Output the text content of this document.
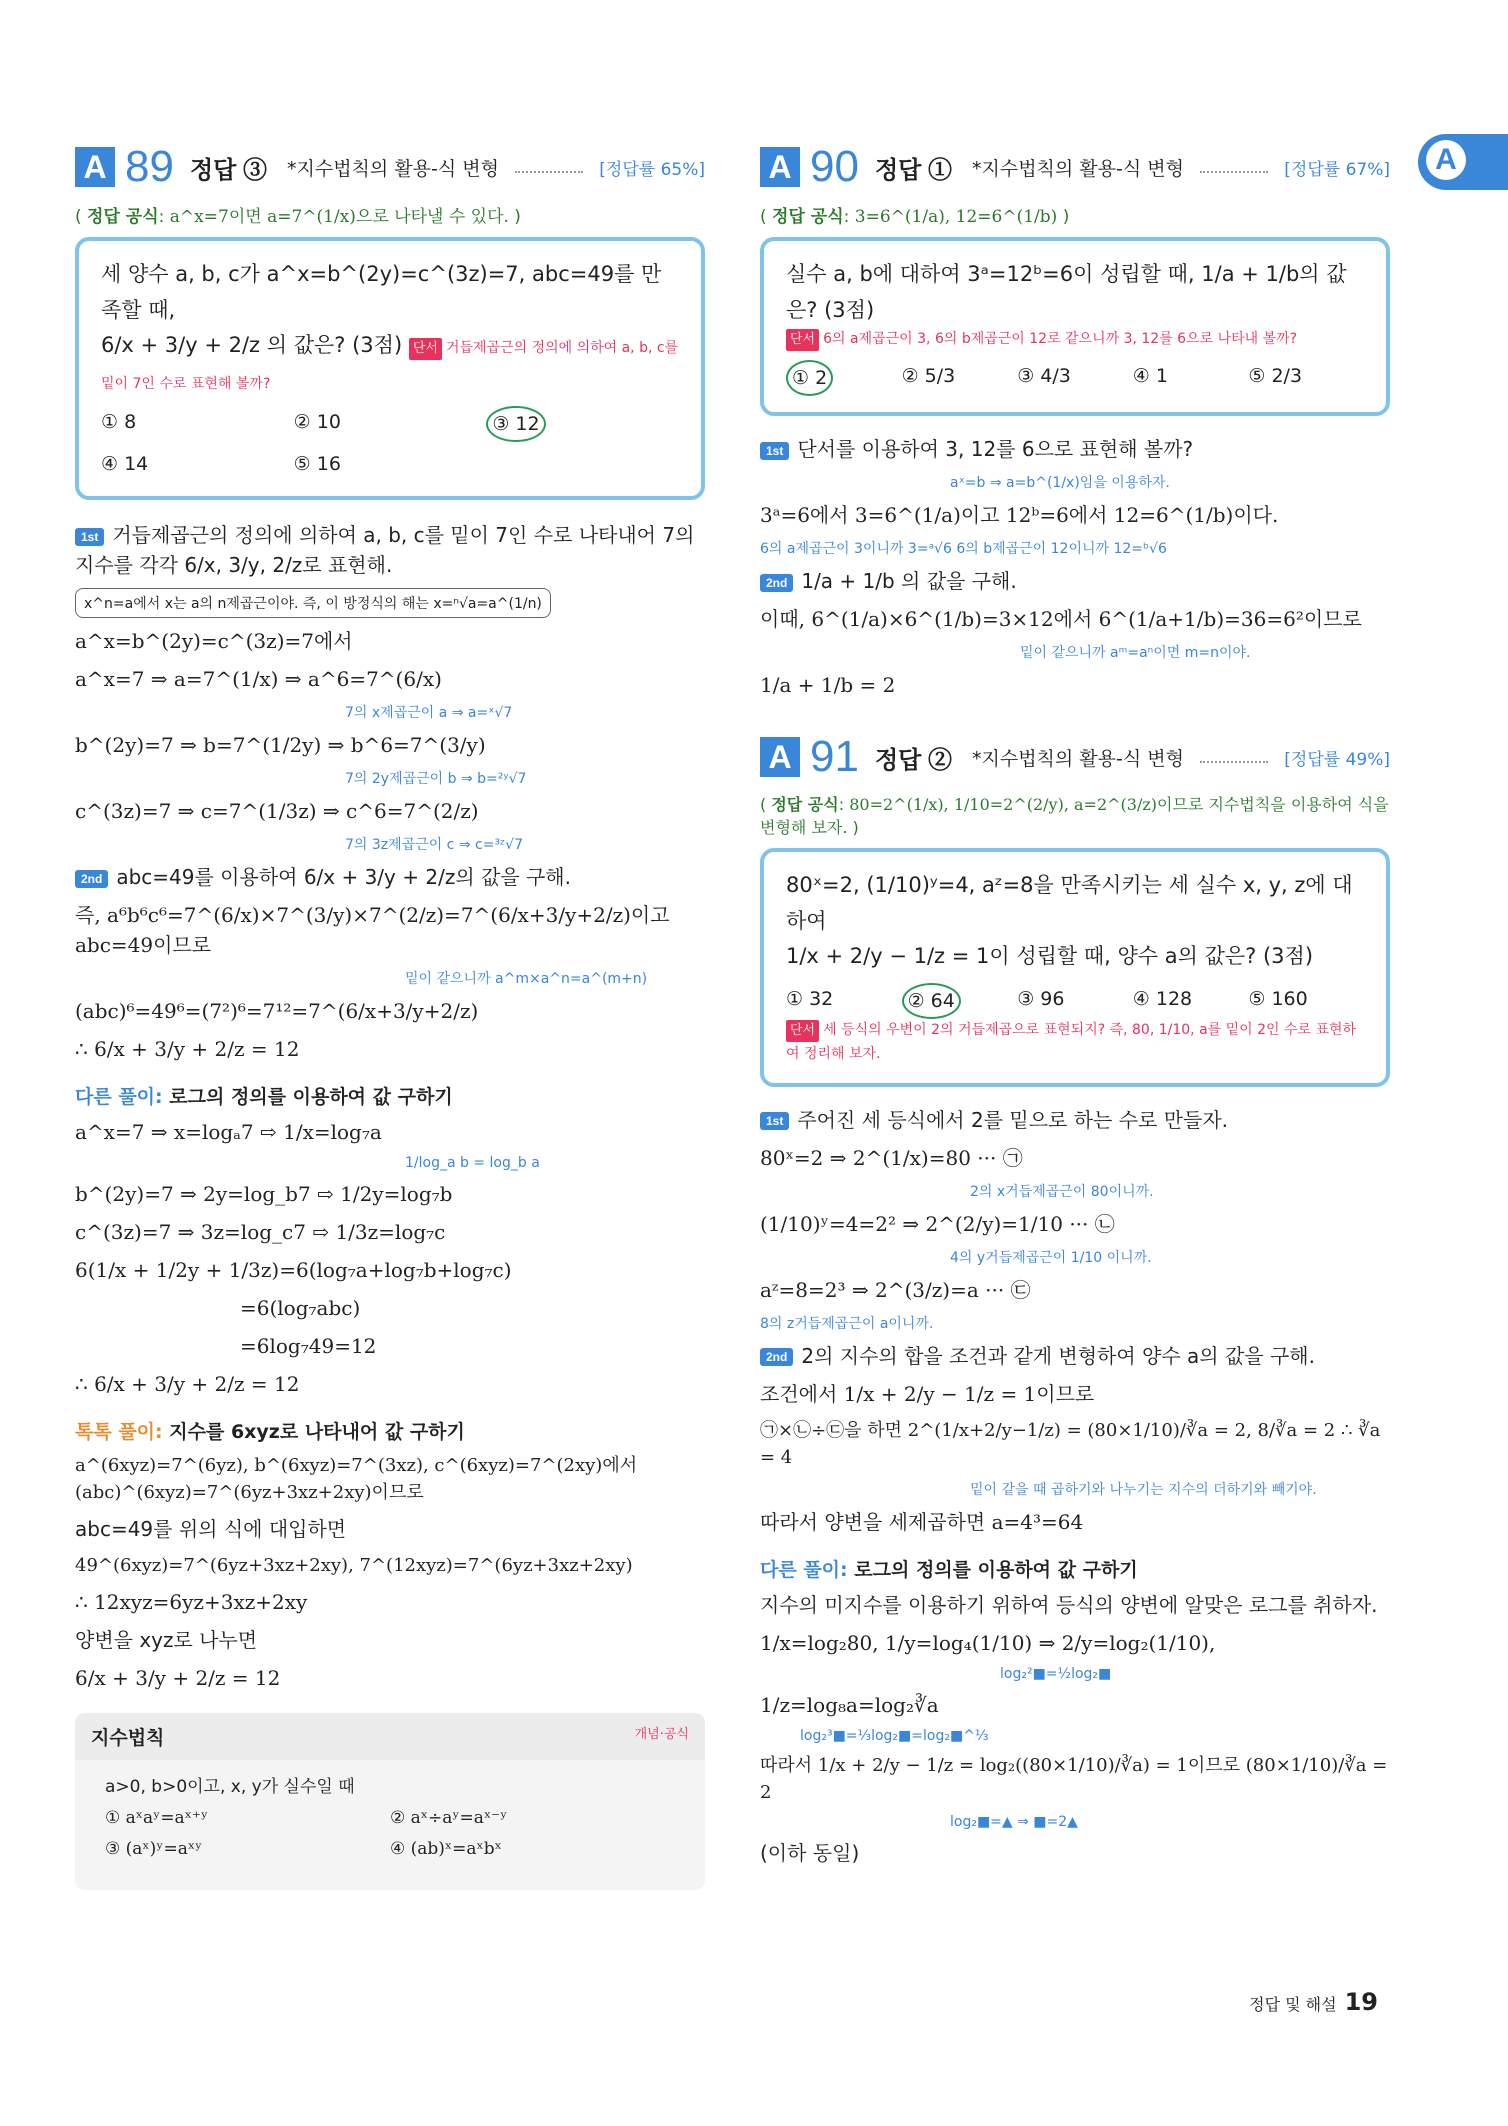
A
A 89 정답 ③ *지수법칙의 활용-식 변형	[정답률 65%]
( 정답 공식: a^x=7이면 a=7^(1/x)으로 나타낼 수 있다. )
세 양수 a, b, c가 a^x=b^(2y)=c^(3z)=7, abc=49를 만족할 때,
6/x + 3/y + 2/z 의 값은? (3점) 단서 거듭제곱근의 정의에 의하여 a, b, c를 밑이 7인 수로 표현해 볼까?
① 8	② 10	③ 12
④ 14	⑤ 16
1st 거듭제곱근의 정의에 의하여 a, b, c를 밑이 7인 수로 나타내어 7의 지수를 각각 6/x, 3/y, 2/z로 표현해.
x^n=a에서 x는 a의 n제곱근이야. 즉, 이 방정식의 해는 x=ⁿ√a=a^(1/n)
a^x=b^(2y)=c^(3z)=7에서
a^x=7 ⇒ a=7^(1/x) ⇒ a^6=7^(6/x)
7의 x제곱근이 a ⇒ a=ˣ√7
b^(2y)=7 ⇒ b=7^(1/2y) ⇒ b^6=7^(3/y)
7의 2y제곱근이 b ⇒ b=²ʸ√7
c^(3z)=7 ⇒ c=7^(1/3z) ⇒ c^6=7^(2/z)
7의 3z제곱근이 c ⇒ c=³ᶻ√7
2nd abc=49를 이용하여 6/x + 3/y + 2/z의 값을 구해.
즉, a⁶b⁶c⁶=7^(6/x)×7^(3/y)×7^(2/z)=7^(6/x+3/y+2/z)이고 abc=49이므로
밑이 같으니까 a^m×a^n=a^(m+n)
(abc)⁶=49⁶=(7²)⁶=7¹²=7^(6/x+3/y+2/z)
∴ 6/x + 3/y + 2/z = 12
다른 풀이: 로그의 정의를 이용하여 값 구하기
a^x=7 ⇒ x=logₐ7 ⇨ 1/x=log₇a
1/log_a b = log_b a
b^(2y)=7 ⇒ 2y=log_b7 ⇨ 1/2y=log₇b
c^(3z)=7 ⇒ 3z=log_c7 ⇨ 1/3z=log₇c
6(1/x + 1/2y + 1/3z)=6(log₇a+log₇b+log₇c)
=6(log₇abc)
=6log₇49=12
∴ 6/x + 3/y + 2/z = 12
톡톡 풀이: 지수를 6xyz로 나타내어 값 구하기
a^(6xyz)=7^(6yz), b^(6xyz)=7^(3xz), c^(6xyz)=7^(2xy)에서 (abc)^(6xyz)=7^(6yz+3xz+2xy)이므로
abc=49를 위의 식에 대입하면
49^(6xyz)=7^(6yz+3xz+2xy), 7^(12xyz)=7^(6yz+3xz+2xy)
∴ 12xyz=6yz+3xz+2xy
양변을 xyz로 나누면
6/x + 3/y + 2/z = 12
지수법칙	개념·공식
a>0, b>0이고, x, y가 실수일 때
① aˣaʸ=aˣ⁺ʸ	② aˣ÷aʸ=aˣ⁻ʸ
③ (aˣ)ʸ=aˣʸ	④ (ab)ˣ=aˣbˣ
A 90 정답 ① *지수법칙의 활용-식 변형	[정답률 67%]
( 정답 공식: 3=6^(1/a), 12=6^(1/b) )
실수 a, b에 대하여 3ᵃ=12ᵇ=6이 성립할 때, 1/a + 1/b의 값은? (3점)
단서 6의 a제곱근이 3, 6의 b제곱근이 12로 같으니까 3, 12를 6으로 나타내 볼까?
① 2	② 5/3	③ 4/3	④ 1	⑤ 2/3
1st 단서를 이용하여 3, 12를 6으로 표현해 볼까?
aˣ=b ⇒ a=b^(1/x)임을 이용하자.
3ᵃ=6에서 3=6^(1/a)이고 12ᵇ=6에서 12=6^(1/b)이다.
6의 a제곱근이 3이니까 3=ᵃ√6 6의 b제곱근이 12이니까 12=ᵇ√6
2nd 1/a + 1/b 의 값을 구해.
이때, 6^(1/a)×6^(1/b)=3×12에서 6^(1/a+1/b)=36=6²이므로
밑이 같으니까 aᵐ=aⁿ이면 m=n이야.
1/a + 1/b = 2
A 91 정답 ② *지수법칙의 활용-식 변형	[정답률 49%]
( 정답 공식: 80=2^(1/x), 1/10=2^(2/y), a=2^(3/z)이므로 지수법칙을 이용하여 식을 변형해 보자. )
80ˣ=2, (1/10)ʸ=4, aᶻ=8을 만족시키는 세 실수 x, y, z에 대하여
1/x + 2/y − 1/z = 1이 성립할 때, 양수 a의 값은? (3점)
① 32	② 64	③ 96	④ 128	⑤ 160
단서 세 등식의 우변이 2의 거듭제곱으로 표현되지? 즉, 80, 1/10, a를 밑이 2인 수로 표현하여 정리해 보자.
1st 주어진 세 등식에서 2를 밑으로 하는 수로 만들자.
80ˣ=2 ⇒ 2^(1/x)=80 ··· ㉠
2의 x거듭제곱근이 80이니까.
(1/10)ʸ=4=2² ⇒ 2^(2/y)=1/10 ··· ㉡
4의 y거듭제곱근이 1/10 이니까.
aᶻ=8=2³ ⇒ 2^(3/z)=a ··· ㉢
8의 z거듭제곱근이 a이니까.
2nd 2의 지수의 합을 조건과 같게 변형하여 양수 a의 값을 구해.
조건에서 1/x + 2/y − 1/z = 1이므로
㉠×㉡÷㉢을 하면 2^(1/x+2/y−1/z) = (80×1/10)/∛a = 2, 8/∛a = 2 ∴ ∛a = 4
밑이 같을 때 곱하기와 나누기는 지수의 더하기와 빼기야.
따라서 양변을 세제곱하면 a=4³=64
다른 풀이: 로그의 정의를 이용하여 값 구하기
지수의 미지수를 이용하기 위하여 등식의 양변에 알맞은 로그를 취하자.
1/x=log₂80, 1/y=log₄(1/10) ⇒ 2/y=log₂(1/10),
log₂²■=½log₂■
1/z=log₈a=log₂∛a
log₂³■=⅓log₂■=log₂■^⅓
따라서 1/x + 2/y − 1/z = log₂((80×1/10)/∛a) = 1이므로 (80×1/10)/∛a = 2
log₂■=▲ ⇒ ■=2▲
(이하 동일)
정답 및 해설 19
